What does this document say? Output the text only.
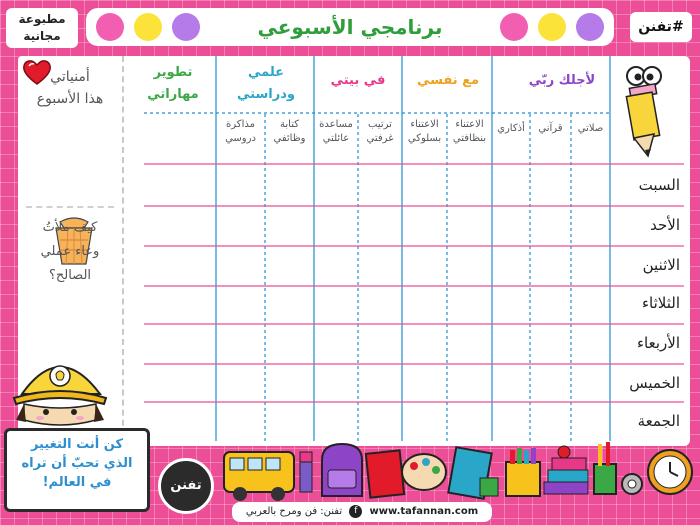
مطبوعة
مجانية
#تفنن
برنامجي الأسبوعي
أمنياتي
هذا الأسبوع
كيف ملأتُ
وعاء عملي
الصالح؟
لأجلك ربّي
مع نفسي
في بيتي
علمي ودراستي
تطوير مهاراتي
صلاتي
قرآني
أذكاري
الاعتناء بنظافتي
الاعتناء بسلوكي
ترتيب غرفتي
مساعدة عائلتي
كتابة وظائفي
مذاكرة دروسي
السبت
الأحد
الاثنين
الثلاثاء
الأربعاء
الخميس
الجمعة
كن أنت التغيير
الذي تحبّ أن تراه
في العالم!	تفنن
www.tafannan.com f تفنن: فن ومرح بالعربي
